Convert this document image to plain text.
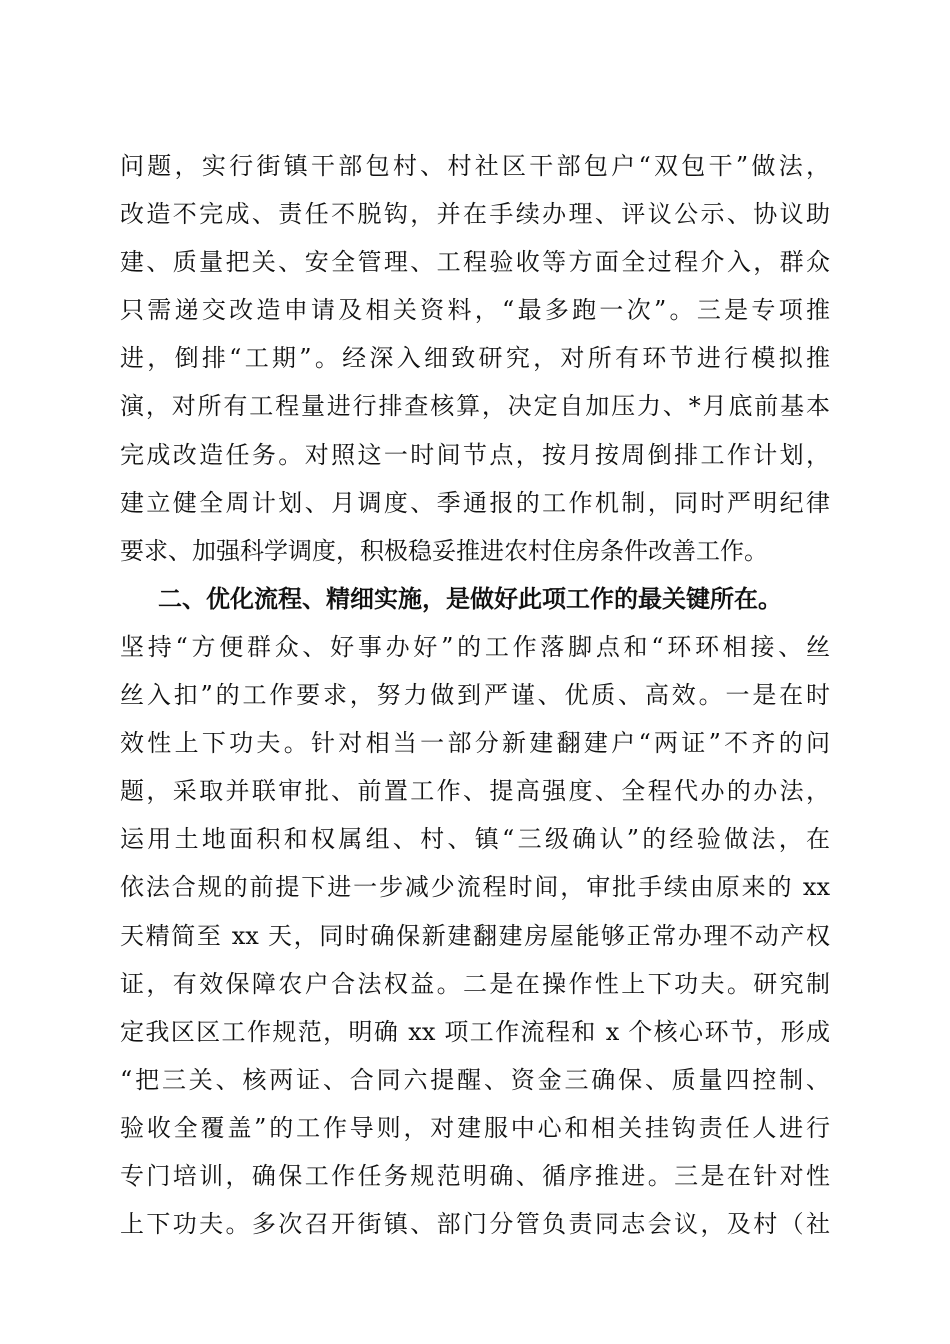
问题，实行街镇干部包村、村社区干部包户“双包干”做法，
改造不完成、责任不脱钩，并在手续办理、评议公示、协议助
建、质量把关、安全管理、工程验收等方面全过程介入，群众
只需递交改造申请及相关资料，“最多跑一次”。三是专项推
进，倒排“工期”。经深入细致研究，对所有环节进行模拟推
演，对所有工程量进行排查核算，决定自加压力、*月底前基本
完成改造任务。对照这一时间节点，按月按周倒排工作计划，
建立健全周计划、月调度、季通报的工作机制，同时严明纪律
要求、加强科学调度，积极稳妥推进农村住房条件改善工作。
二、优化流程、精细实施，是做好此项工作的最关键所在。
坚持“方便群众、好事办好”的工作落脚点和“环环相接、丝
丝入扣”的工作要求，努力做到严谨、优质、高效。一是在时
效性上下功夫。针对相当一部分新建翻建户“两证”不齐的问
题，采取并联审批、前置工作、提高强度、全程代办的办法，
运用土地面积和权属组、村、镇“三级确认”的经验做法，在
依法合规的前提下进一步减少流程时间，审批手续由原来的 xx
天精简至 xx 天，同时确保新建翻建房屋能够正常办理不动产权
证，有效保障农户合法权益。二是在操作性上下功夫。研究制
定我区区工作规范，明确 xx 项工作流程和 x 个核心环节，形成
“把三关、核两证、合同六提醒、资金三确保、质量四控制、
验收全覆盖”的工作导则，对建服中心和相关挂钩责任人进行
专门培训，确保工作任务规范明确、循序推进。三是在针对性
上下功夫。多次召开街镇、部门分管负责同志会议，及村（社
